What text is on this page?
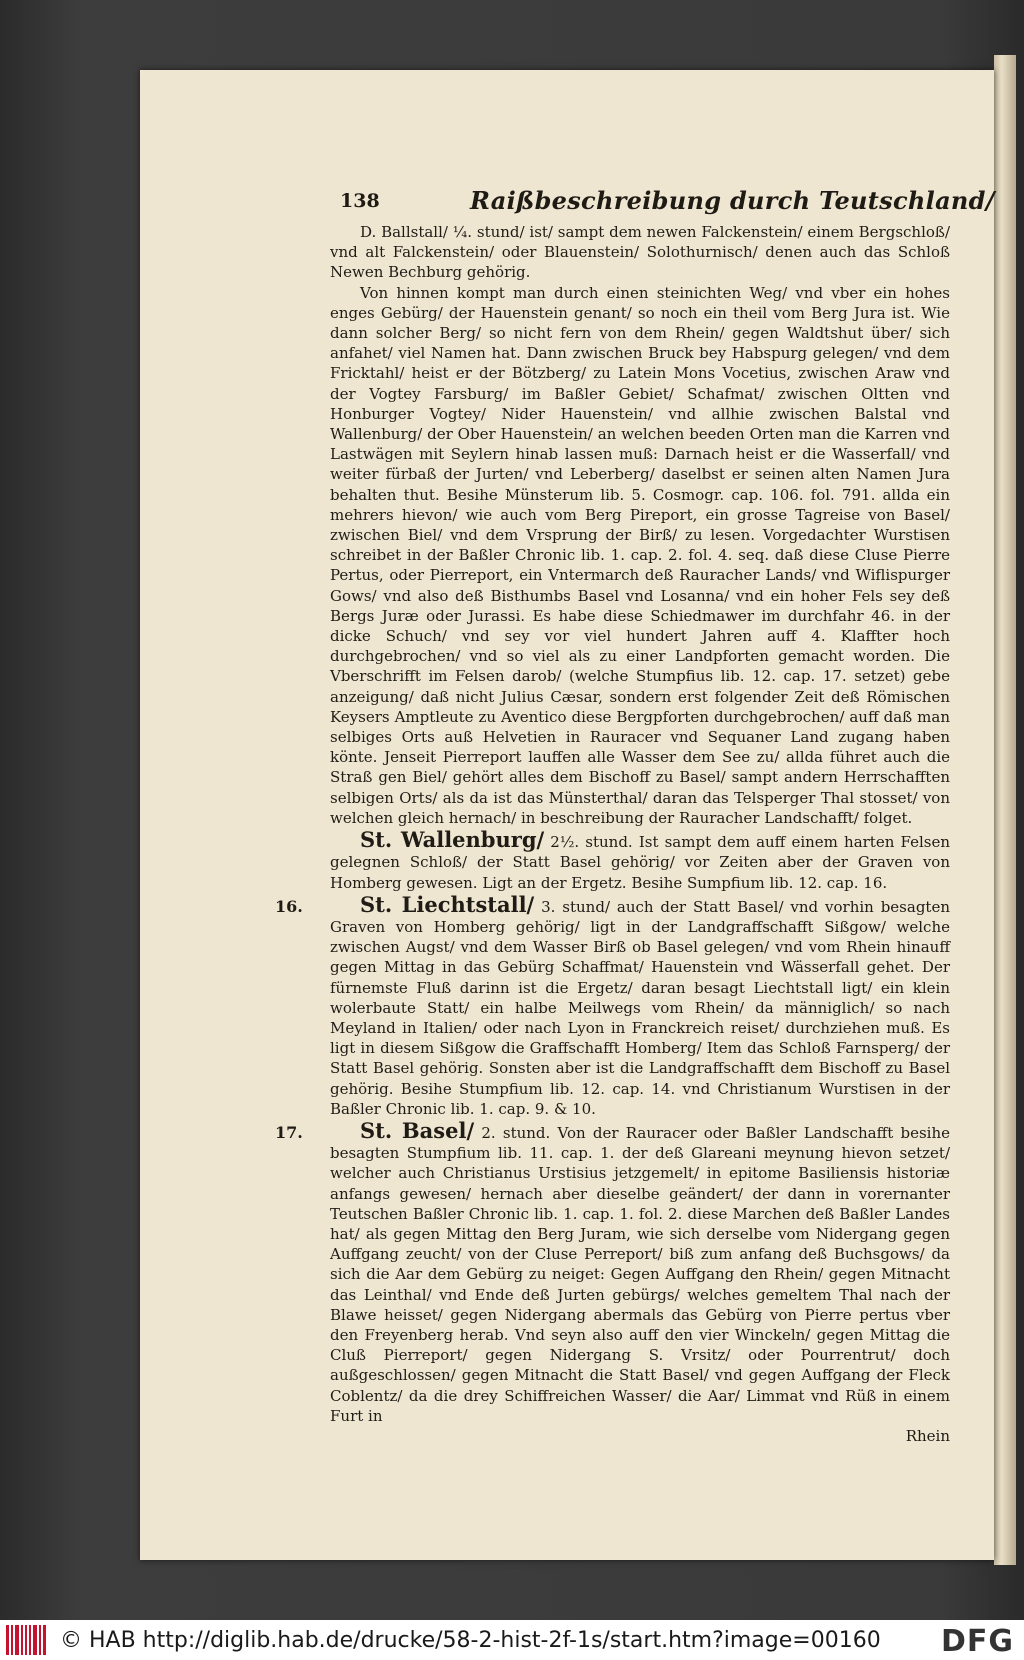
138	Raißbeschreibung durch Teutschland/

D. Ballstall/ ¼. stund/ ist/ sampt dem newen Falckenstein/ einem Bergschloß/ vnd alt Falckenstein/ oder Blauenstein/ Solothurnisch/ denen auch das Schloß Newen Bechburg gehörig.

Von hinnen kompt man durch einen steinichten Weg/ vnd vber ein hohes enges Gebürg/ der Hauenstein genant/ so noch ein theil vom Berg Jura ist. Wie dann solcher Berg/ so nicht fern von dem Rhein/ gegen Waldtshut über/ sich anfahet/ viel Namen hat. Dann zwischen Bruck bey Habspurg gelegen/ vnd dem Fricktahl/ heist er der Bötzberg/ zu Latein Mons Vocetius, zwischen Araw vnd der Vogtey Farsburg/ im Baßler Gebiet/ Schafmat/ zwischen Oltten vnd Honburger Vogtey/ Nider Hauenstein/ vnd allhie zwischen Balstal vnd Wallenburg/ der Ober Hauenstein/ an welchen beeden Orten man die Karren vnd Lastwägen mit Seylern hinab lassen muß: Darnach heist er die Wasserfall/ vnd weiter fürbaß der Jurten/ vnd Leberberg/ daselbst er seinen alten Namen Jura behalten thut. Besihe Münsterum lib. 5. Cosmogr. cap. 106. fol. 791. allda ein mehrers hievon/ wie auch vom Berg Pireport, ein grosse Tagreise von Basel/ zwischen Biel/ vnd dem Vrsprung der Birß/ zu lesen. Vorgedachter Wurstisen schreibet in der Baßler Chronic lib. 1. cap. 2. fol. 4. seq. daß diese Cluse Pierre Pertus, oder Pierreport, ein Vntermarch deß Rauracher Lands/ vnd Wiflispurger Gows/ vnd also deß Bisthumbs Basel vnd Losanna/ vnd ein hoher Fels sey deß Bergs Juræ oder Jurassi. Es habe diese Schiedmawer im durchfahr 46. in der dicke Schuch/ vnd sey vor viel hundert Jahren auff 4. Klaffter hoch durchgebrochen/ vnd so viel als zu einer Landpforten gemacht worden. Die Vberschrifft im Felsen darob/ (welche Stumpfius lib. 12. cap. 17. setzet) gebe anzeigung/ daß nicht Julius Cæsar, sondern erst folgender Zeit deß Römischen Keysers Amptleute zu Aventico diese Bergpforten durchgebrochen/ auff daß man selbiges Orts auß Helvetien in Rauracer vnd Sequaner Land zugang haben könte. Jenseit Pierreport lauffen alle Wasser dem See zu/ allda führet auch die Straß gen Biel/ gehört alles dem Bischoff zu Basel/ sampt andern Herrschafften selbigen Orts/ als da ist das Münsterthal/ daran das Telsperger Thal stosset/ von welchen gleich hernach/ in beschreibung der Rauracher Landschafft/ folget.

St. Wallenburg/ 2½. stund. Ist sampt dem auff einem harten Felsen gelegnen Schloß/ der Statt Basel gehörig/ vor Zeiten aber der Graven von Homberg gewesen. Ligt an der Ergetz. Besihe Sumpfium lib. 12. cap. 16.

16.	St. Liechtstall/ 3. stund/ auch der Statt Basel/ vnd vorhin besagten Graven von Homberg gehörig/ ligt in der Landgraffschafft Sißgow/ welche zwischen Augst/ vnd dem Wasser Birß ob Basel gelegen/ vnd vom Rhein hinauff gegen Mittag in das Gebürg Schaffmat/ Hauenstein vnd Wässerfall gehet. Der fürnemste Fluß darinn ist die Ergetz/ daran besagt Liechtstall ligt/ ein klein wolerbaute Statt/ ein halbe Meilwegs vom Rhein/ da männiglich/ so nach Meyland in Italien/ oder nach Lyon in Franckreich reiset/ durchziehen muß. Es ligt in diesem Sißgow die Graffschafft Homberg/ Item das Schloß Farnsperg/ der Statt Basel gehörig. Sonsten aber ist die Landgraffschafft dem Bischoff zu Basel gehörig. Besihe Stumpfium lib. 12. cap. 14. vnd Christianum Wurstisen in der Baßler Chronic lib. 1. cap. 9. & 10.

17.	St. Basel/ 2. stund. Von der Rauracer oder Baßler Landschafft besihe besagten Stumpfium lib. 11. cap. 1. der deß Glareani meynung hievon setzet/ welcher auch Christianus Urstisius jetzgemelt/ in epitome Basiliensis historiæ anfangs gewesen/ hernach aber dieselbe geändert/ der dann in vorernanter Teutschen Baßler Chronic lib. 1. cap. 1. fol. 2. diese Marchen deß Baßler Landes hat/ als gegen Mittag den Berg Juram, wie sich derselbe vom Nidergang gegen Auffgang zeucht/ von der Cluse Perreport/ biß zum anfang deß Buchsgows/ da sich die Aar dem Gebürg zu neiget: Gegen Auffgang den Rhein/ gegen Mitnacht das Leinthal/ vnd Ende deß Jurten gebürgs/ welches gemeltem Thal nach der Blawe heisset/ gegen Nidergang abermals das Gebürg von Pierre pertus vber den Freyenberg herab. Vnd seyn also auff den vier Winckeln/ gegen Mittag die Cluß Pierreport/ gegen Nidergang S. Vrsitz/ oder Pourrentrut/ doch außgeschlossen/ gegen Mitnacht die Statt Basel/ vnd gegen Auffgang der Fleck Coblentz/ da die drey Schiffreichen Wasser/ die Aar/ Limmat vnd Rüß in einem Furt in

Rhein

© HAB http://diglib.hab.de/drucke/58-2-hist-2f-1s/start.htm?image=00160 DFG
